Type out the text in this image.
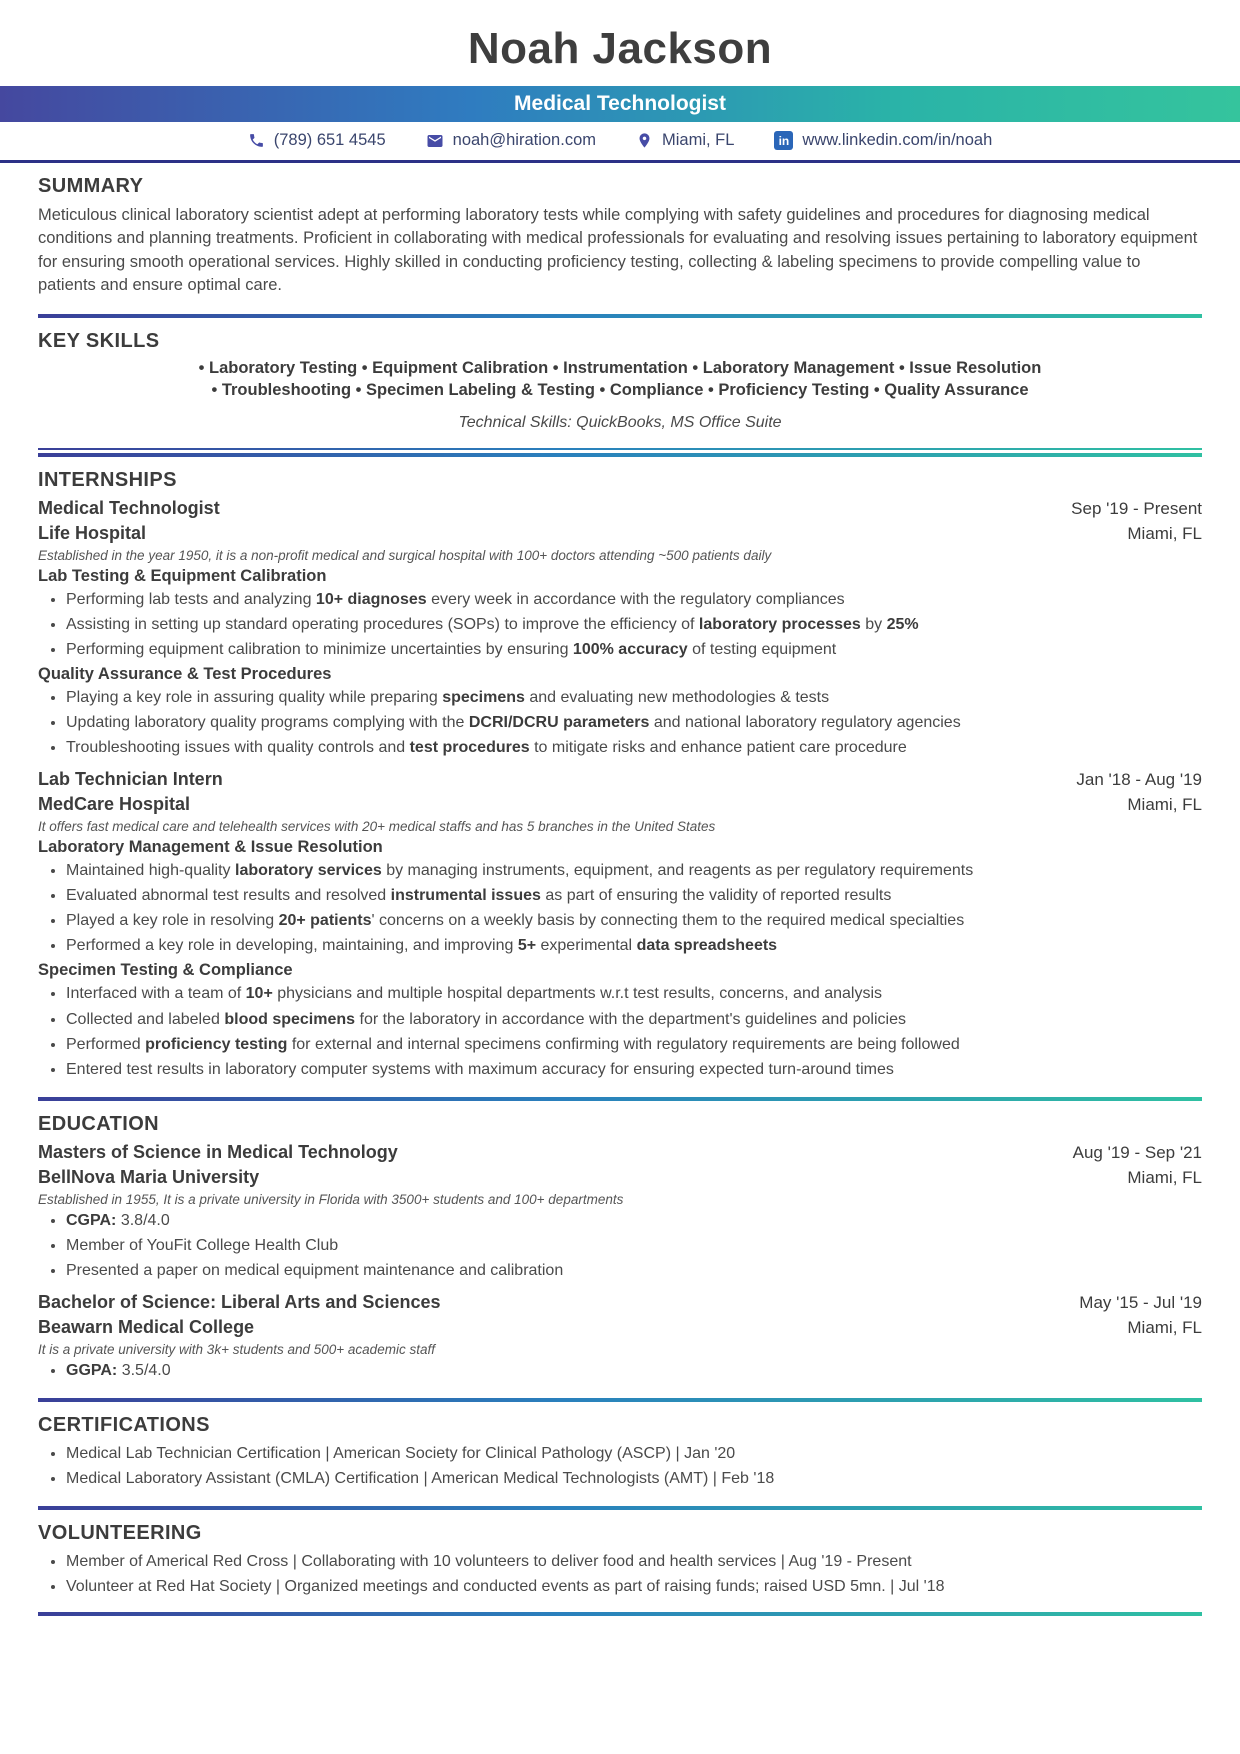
Noah Jackson
Medical Technologist
(789) 651 4545	noah@hiration.com	Miami, FL	in www.linkedin.com/in/noah
SUMMARY

Meticulous clinical laboratory scientist adept at performing laboratory tests while complying with safety guidelines and procedures for diagnosing medical conditions and planning treatments. Proficient in collaborating with medical professionals for evaluating and resolving issues pertaining to laboratory equipment for ensuring smooth operational services. Highly skilled in conducting proficiency testing, collecting & labeling specimens to provide compelling value to patients and ensure optimal care.

KEY SKILLS

• Laboratory Testing • Equipment Calibration • Instrumentation • Laboratory Management • Issue Resolution

• Troubleshooting • Specimen Labeling & Testing • Compliance • Proficiency Testing • Quality Assurance

Technical Skills: QuickBooks, MS Office Suite

INTERNSHIPS
Medical Technologist	Sep '19 - Present
Life Hospital	Miami, FL
Established in the year 1950, it is a non-profit medical and surgical hospital with 100+ doctors attending ~500 patients daily
Lab Testing & Equipment Calibration
• Performing lab tests and analyzing 10+ diagnoses every week in accordance with the regulatory compliances
• Assisting in setting up standard operating procedures (SOPs) to improve the efficiency of laboratory processes by 25%
• Performing equipment calibration to minimize uncertainties by ensuring 100% accuracy of testing equipment
Quality Assurance & Test Procedures
• Playing a key role in assuring quality while preparing specimens and evaluating new methodologies & tests
• Updating laboratory quality programs complying with the DCRI/DCRU parameters and national laboratory regulatory agencies
• Troubleshooting issues with quality controls and test procedures to mitigate risks and enhance patient care procedure
Lab Technician Intern	Jan '18 - Aug '19
MedCare Hospital	Miami, FL
It offers fast medical care and telehealth services with 20+ medical staffs and has 5 branches in the United States
Laboratory Management & Issue Resolution
• Maintained high-quality laboratory services by managing instruments, equipment, and reagents as per regulatory requirements
• Evaluated abnormal test results and resolved instrumental issues as part of ensuring the validity of reported results
• Played a key role in resolving 20+ patients' concerns on a weekly basis by connecting them to the required medical specialties
• Performed a key role in developing, maintaining, and improving 5+ experimental data spreadsheets
Specimen Testing & Compliance
• Interfaced with a team of 10+ physicians and multiple hospital departments w.r.t test results, concerns, and analysis
• Collected and labeled blood specimens for the laboratory in accordance with the department's guidelines and policies
• Performed proficiency testing for external and internal specimens confirming with regulatory requirements are being followed
• Entered test results in laboratory computer systems with maximum accuracy for ensuring expected turn-around times
EDUCATION
Masters of Science in Medical Technology	Aug '19 - Sep '21
BellNova Maria University	Miami, FL
Established in 1955, It is a private university in Florida with 3500+ students and 100+ departments
• CGPA: 3.8/4.0
• Member of YouFit College Health Club
• Presented a paper on medical equipment maintenance and calibration
Bachelor of Science: Liberal Arts and Sciences	May '15 - Jul '19
Beawarn Medical College	Miami, FL
It is a private university with 3k+ students and 500+ academic staff
• GGPA: 3.5/4.0
CERTIFICATIONS
• Medical Lab Technician Certification | American Society for Clinical Pathology (ASCP) | Jan '20
• Medical Laboratory Assistant (CMLA) Certification | American Medical Technologists (AMT) | Feb '18
VOLUNTEERING
• Member of Americal Red Cross | Collaborating with 10 volunteers to deliver food and health services | Aug '19 - Present
• Volunteer at Red Hat Society | Organized meetings and conducted events as part of raising funds; raised USD 5mn. | Jul '18
